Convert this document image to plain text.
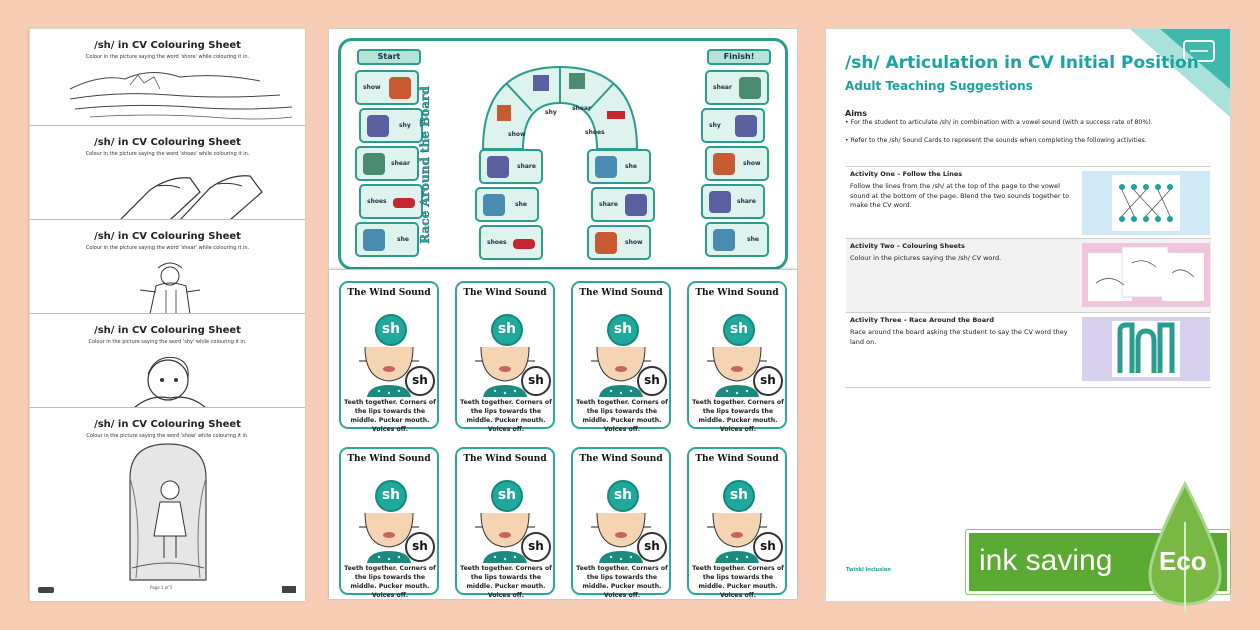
/sh/ in CV Colouring Sheet
Colour in the picture saying the word 'shore' while colouring it in.
/sh/ in CV Colouring Sheet
Colour in the picture saying the word 'shoes' while colouring it in.
/sh/ in CV Colouring Sheet
Colour in the picture saying the word 'shear' while colouring it in.
/sh/ in CV Colouring Sheet
Colour in the picture saying the word 'shy' while colouring it in.
/sh/ in CV Colouring Sheet
Colour in the picture saying the word 'show' while colouring it in.
Page 1 of 5
Start
show
shy
shear
shoes
she Race Around the Board	shy
show
shear
shoes
share
she
shoes
she
share
show
Finish!
shear
shy
show
share
she
The Wind Sound
sh
sh
Teeth together. Corners of the lips towards the middle. Pucker mouth. Voices off.
The Wind Sound
sh
sh
Teeth together. Corners of the lips towards the middle. Pucker mouth. Voices off.
The Wind Sound
sh
sh
Teeth together. Corners of the lips towards the middle. Pucker mouth. Voices off.
The Wind Sound
sh
sh
Teeth together. Corners of the lips towards the middle. Pucker mouth. Voices off.
The Wind Sound
sh
sh
Teeth together. Corners of the lips towards the middle. Pucker mouth. Voices off.
The Wind Sound
sh
sh
Teeth together. Corners of the lips towards the middle. Pucker mouth. Voices off.
The Wind Sound
sh
sh
Teeth together. Corners of the lips towards the middle. Pucker mouth. Voices off.
The Wind Sound
sh
sh
Teeth together. Corners of the lips towards the middle. Pucker mouth. Voices off.
/sh/ Articulation in CV Initial Position
Adult Teaching Suggestions
Aims
• For the student to articulate /sh/ in combination with a vowel sound (with a success rate of 80%).
• Refer to the /sh/ Sound Cards to represent the sounds when completing the following activities.
Activity One – Follow the Lines
Follow the lines from the /sh/ at the top of the page to the vowel sound at the bottom of the page. Blend the two sounds together to make the CV word.
Activity Two – Colouring Sheets
Colour in the pictures saying the /sh/ CV word.
Activity Three – Race Around the Board
Race around the board asking the student to say the CV word they land on.
Twinkl Inclusion	ink saving Eco
